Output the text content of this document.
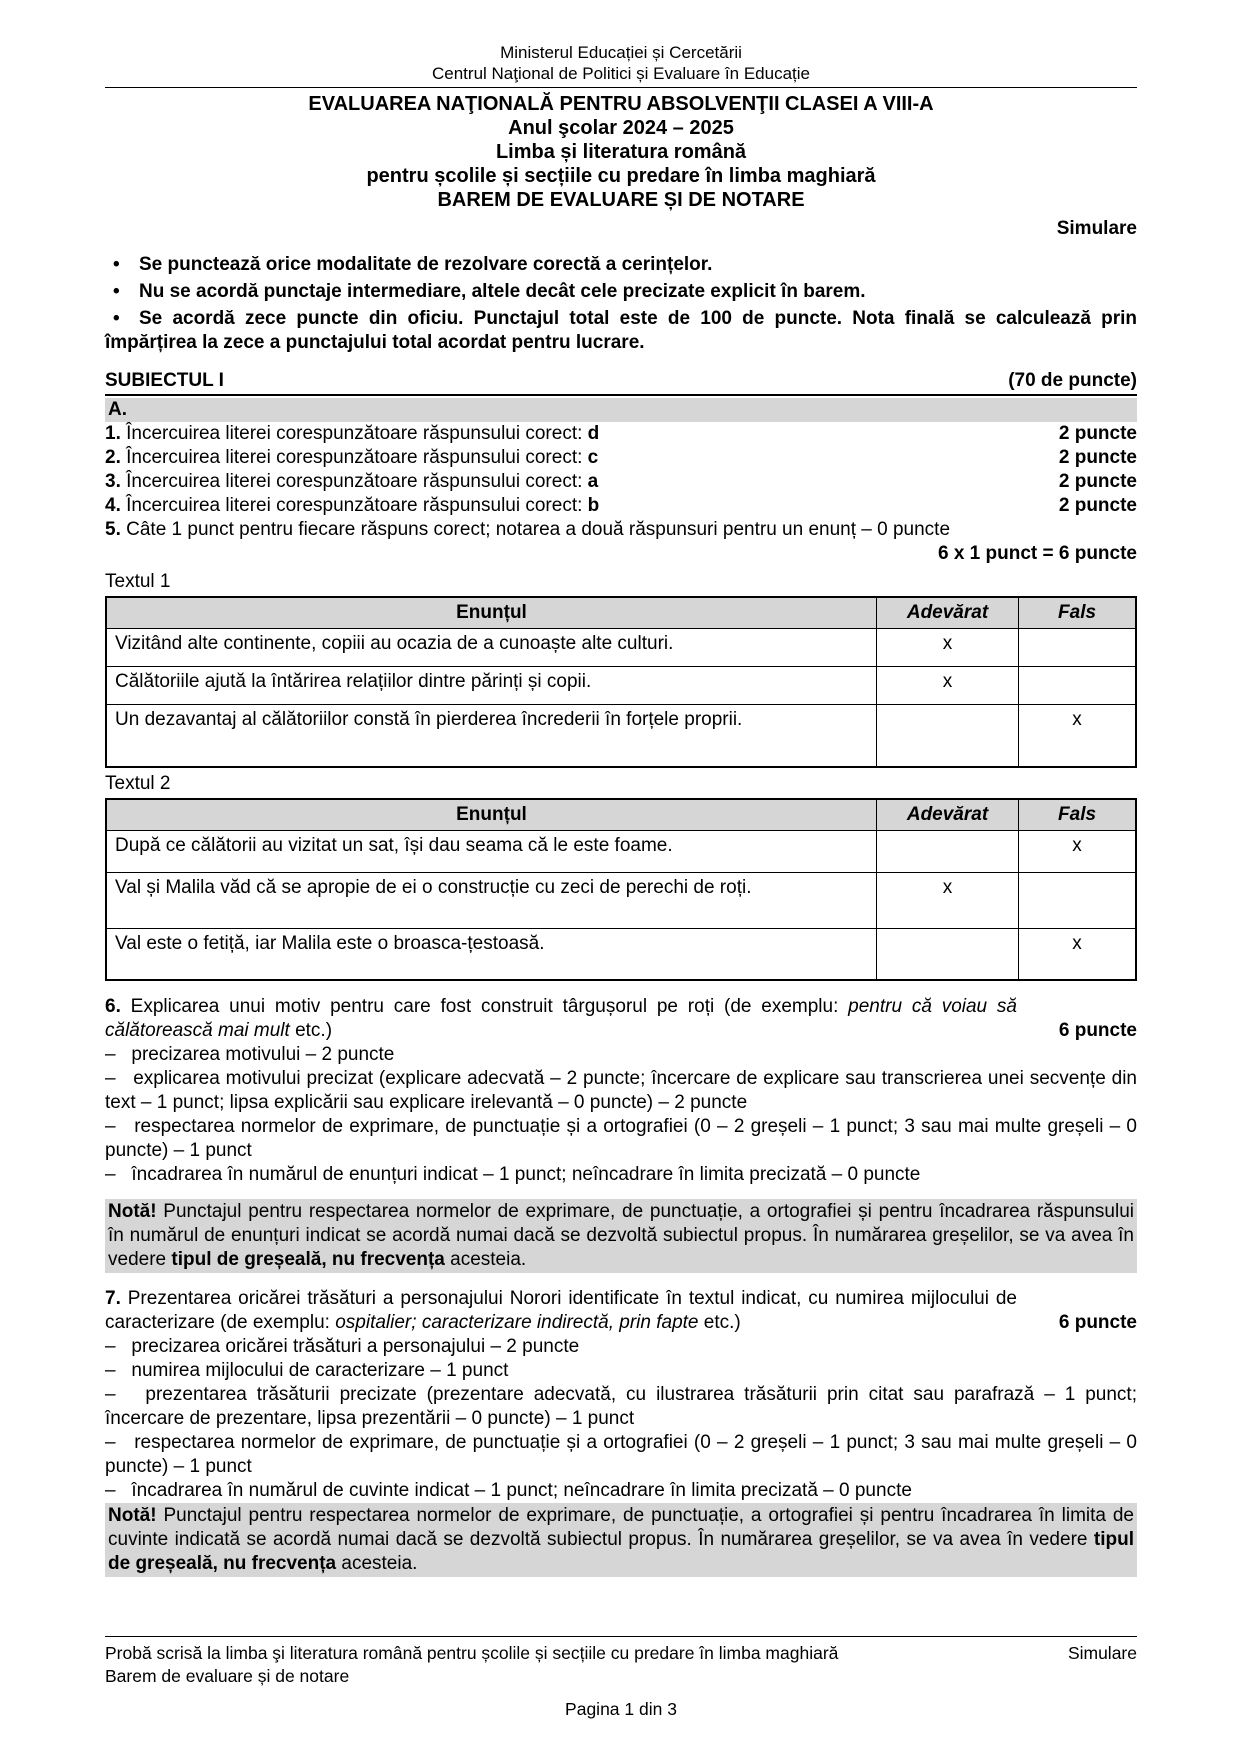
Ministerul Educației și Cercetării
Centrul Naţional de Politici și Evaluare în Educație
EVALUAREA NAŢIONALĂ PENTRU ABSOLVENŢII CLASEI A VIII-A
Anul şcolar 2024 – 2025
Limba și literatura română
pentru școlile și secțiile cu predare în limba maghiară
BAREM DE EVALUARE ȘI DE NOTARE
Simulare
• Se punctează orice modalitate de rezolvare corectă a cerințelor.
• Nu se acordă punctaje intermediare, altele decât cele precizate explicit în barem.
• Se acordă zece puncte din oficiu. Punctajul total este de 100 de puncte. Nota finală se calculează prin împărțirea la zece a punctajului total acordat pentru lucrare.
SUBIECTUL I	(70 de puncte)
A.
1. Încercuirea literei corespunzătoare răspunsului corect: d	2 puncte
2. Încercuirea literei corespunzătoare răspunsului corect: c	2 puncte
3. Încercuirea literei corespunzătoare răspunsului corect: a	2 puncte
4. Încercuirea literei corespunzătoare răspunsului corect: b	2 puncte

5. Câte 1 punct pentru fiecare răspuns corect; notarea a două răspunsuri pentru un enunț – 0 puncte

6 x 1 punct = 6 puncte
Textul 1
Enunțul	Adevărat	Fals
Vizitând alte continente, copiii au ocazia de a cunoaște alte culturi.	x	
Călătoriile ajută la întărirea relațiilor dintre părinți și copii.	x	
Un dezavantaj al călătoriilor constă în pierderea încrederii în forțele proprii.		x
Textul 2
Enunțul	Adevărat	Fals
După ce călătorii au vizitat un sat, își dau seama că le este foame.		x
Val și Malila văd că se apropie de ei o construcție cu zeci de perechi de roți.	x	
Val este o fetiță, iar Malila este o broasca-țestoasă.		x

6. Explicarea unui motiv pentru care fost construit târgușorul pe roți (de exemplu: pentru că voiau să călătorească mai mult etc.)	6 puncte

–   precizarea motivului – 2 puncte

–   explicarea motivului precizat (explicare adecvată – 2 puncte; încercare de explicare sau transcrierea unei secvențe din text – 1 punct; lipsa explicării sau explicare irelevantă – 0 puncte) – 2 puncte

–   respectarea normelor de exprimare, de punctuație și a ortografiei (0 – 2 greșeli – 1 punct; 3 sau mai multe greșeli – 0 puncte) – 1 punct

–   încadrarea în numărul de enunțuri indicat – 1 punct; neîncadrare în limita precizată – 0 puncte

Notă! Punctajul pentru respectarea normelor de exprimare, de punctuație, a ortografiei și pentru încadrarea răspunsului în numărul de enunțuri indicat se acordă numai dacă se dezvoltă subiectul propus. În numărarea greșelilor, se va avea în vedere tipul de greșeală, nu frecvența acesteia.

7. Prezentarea oricărei trăsături a personajului Norori identificate în textul indicat, cu numirea mijlocului de caracterizare (de exemplu: ospitalier; caracterizare indirectă, prin fapte etc.)	6 puncte

–   precizarea oricărei trăsături a personajului – 2 puncte

–   numirea mijlocului de caracterizare – 1 punct

–   prezentarea trăsăturii precizate (prezentare adecvată, cu ilustrarea trăsăturii prin citat sau parafrază – 1 punct; încercare de prezentare, lipsa prezentării – 0 puncte) – 1 punct

–   respectarea normelor de exprimare, de punctuație și a ortografiei (0 – 2 greșeli – 1 punct; 3 sau mai multe greșeli – 0 puncte) – 1 punct

–   încadrarea în numărul de cuvinte indicat – 1 punct; neîncadrare în limita precizată – 0 puncte

Notă! Punctajul pentru respectarea normelor de exprimare, de punctuație, a ortografiei și pentru încadrarea în limita de cuvinte indicată se acordă numai dacă se dezvoltă subiectul propus. În numărarea greșelilor, se va avea în vedere tipul de greșeală, nu frecvența acesteia.

Probă scrisă la limba şi literatura română pentru școlile și secțiile cu predare în limba maghiară	Simulare
Barem de evaluare și de notare
Pagina 1 din 3
